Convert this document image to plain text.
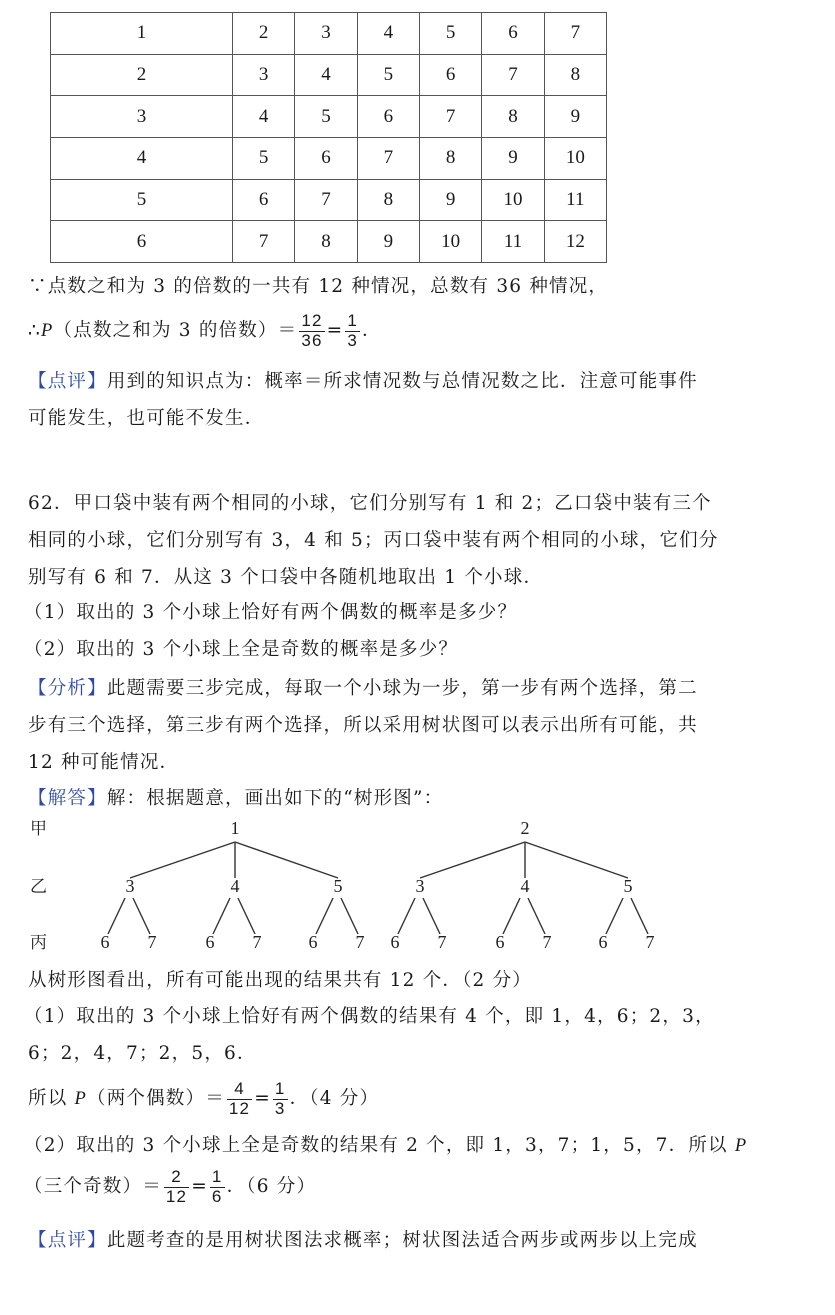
1	2	3	4	5	6	7
2	3	4	5	6	7	8
3	4	5	6	7	8	9
4	5	6	7	8	9	10
5	6	7	8	9	10	11
6	7	8	9	10	11	12
∵点数之和为 3 的倍数的一共有 12 种情况，总数有 36 种情况，
∴P（点数之和为 3 的倍数）＝ $\frac{12}{36} = \frac{1}{3}$ ．
【点评】用到的知识点为：概率＝所求情况数与总情况数之比．注意可能事件
可能发生，也可能不发生．
62．甲口袋中装有两个相同的小球，它们分别写有 1 和 2；乙口袋中装有三个
相同的小球，它们分别写有 3，4 和 5；丙口袋中装有两个相同的小球，它们分
别写有 6 和 7．从这 3 个口袋中各随机地取出 1 个小球．
（1）取出的 3 个小球上恰好有两个偶数的概率是多少？
（2）取出的 3 个小球上全是奇数的概率是多少？
【分析】此题需要三步完成，每取一个小球为一步，第一步有两个选择，第二
步有三个选择，第三步有两个选择，所以采用树状图可以表示出所有可能，共
12 种可能情况．
【解答】解：根据题意，画出如下的“树形图”：
甲
乙
丙
1
3
6 7
4
6 7
5
6 7
2
3
6 7
4
6 7
5
6 7
从树形图看出，所有可能出现的结果共有 12 个．（2 分）
（1）取出的 3 个小球上恰好有两个偶数的结果有 4 个，即 1，4，6；2，3，
6；2，4，7；2，5，6．
所以 P（两个偶数）＝ $\frac{4}{12} = \frac{1}{3}$ ．（4 分）
（2）取出的 3 个小球上全是奇数的结果有 2 个，即 1，3，7；1，5，7．所以 P
（三个奇数）＝ $\frac{2}{12} = \frac{1}{6}$ ．（6 分）
【点评】此题考查的是用树状图法求概率；树状图法适合两步或两步以上完成
